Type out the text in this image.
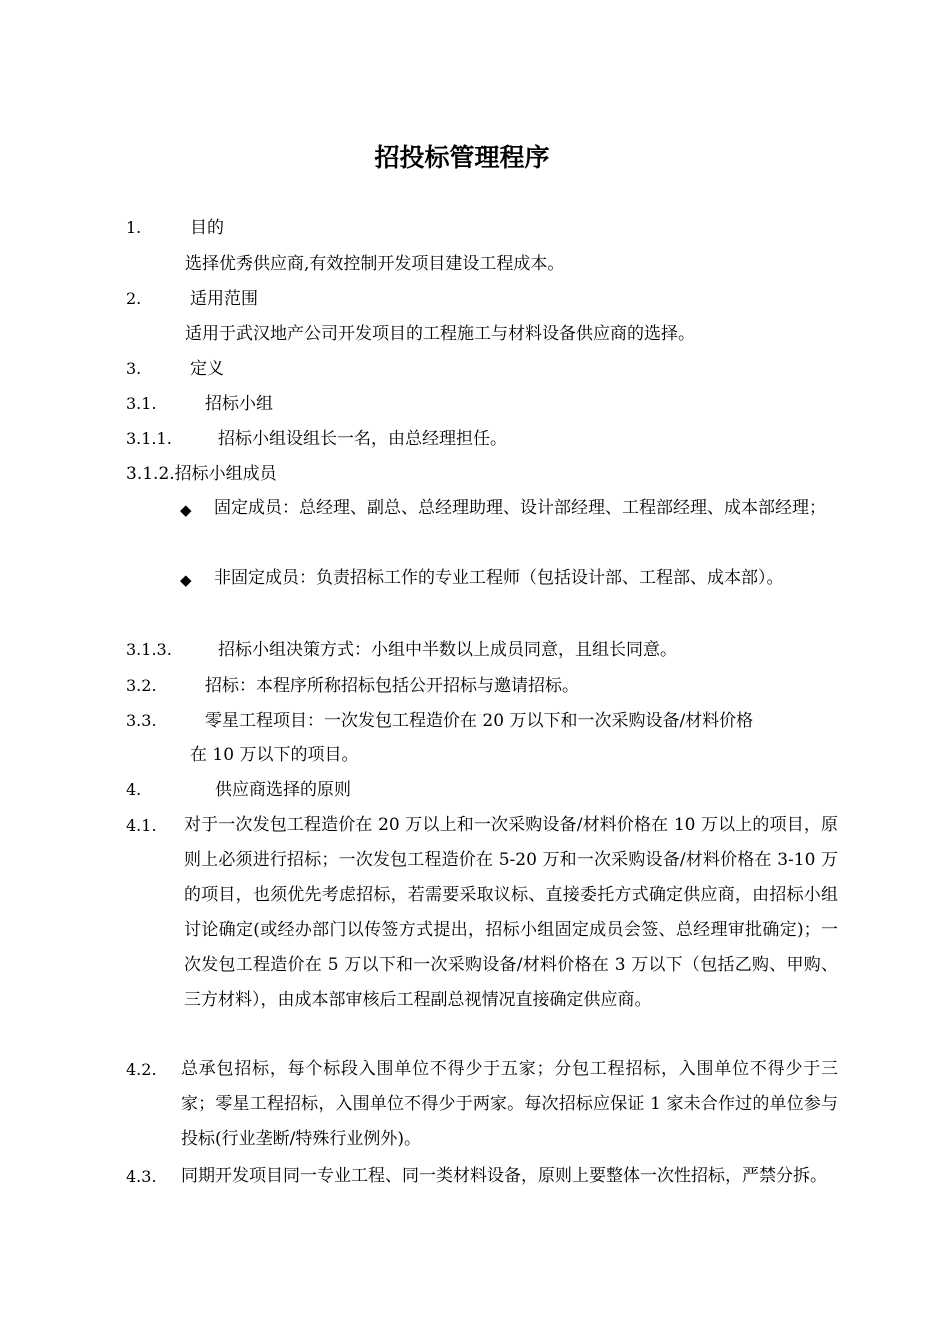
招投标管理程序
1.	目的
选择优秀供应商,有效控制开发项目建设工程成本。
2.	适用范围
适用于武汉地产公司开发项目的工程施工与材料设备供应商的选择。
3.	定义
3.1.	招标小组
3.1.1.	招标小组设组长一名，由总经理担任。
3.1.2.招标小组成员
◆ 固定成员：总经理、副总、总经理助理、设计部经理、工程部经理、成本部经理；
◆ 非固定成员：负责招标工作的专业工程师（包括设计部、工程部、成本部）。
3.1.3.	招标小组决策方式：小组中半数以上成员同意，且组长同意。
3.2.	招标：本程序所称招标包括公开招标与邀请招标。
3.3.	零星工程项目：一次发包工程造价在 20 万以下和一次采购设备/材料价格
在 10 万以下的项目。
4.	供应商选择的原则
4.1. 对于一次发包工程造价在 20 万以上和一次采购设备/材料价格在 10 万以上的项目，原则上必须进行招标；一次发包工程造价在 5-20 万和一次采购设备/材料价格在 3-10 万的项目，也须优先考虑招标，若需要采取议标、直接委托方式确定供应商，由招标小组讨论确定(或经办部门以传签方式提出，招标小组固定成员会签、总经理审批确定)；一次发包工程造价在 5 万以下和一次采购设备/材料价格在 3 万以下（包括乙购、甲购、三方材料），由成本部审核后工程副总视情况直接确定供应商。
4.2. 总承包招标，每个标段入围单位不得少于五家；分包工程招标，入围单位不得少于三家；零星工程招标，入围单位不得少于两家。每次招标应保证 1 家未合作过的单位参与投标(行业垄断/特殊行业例外)。
4.3. 同期开发项目同一专业工程、同一类材料设备，原则上要整体一次性招标，严禁分拆。
